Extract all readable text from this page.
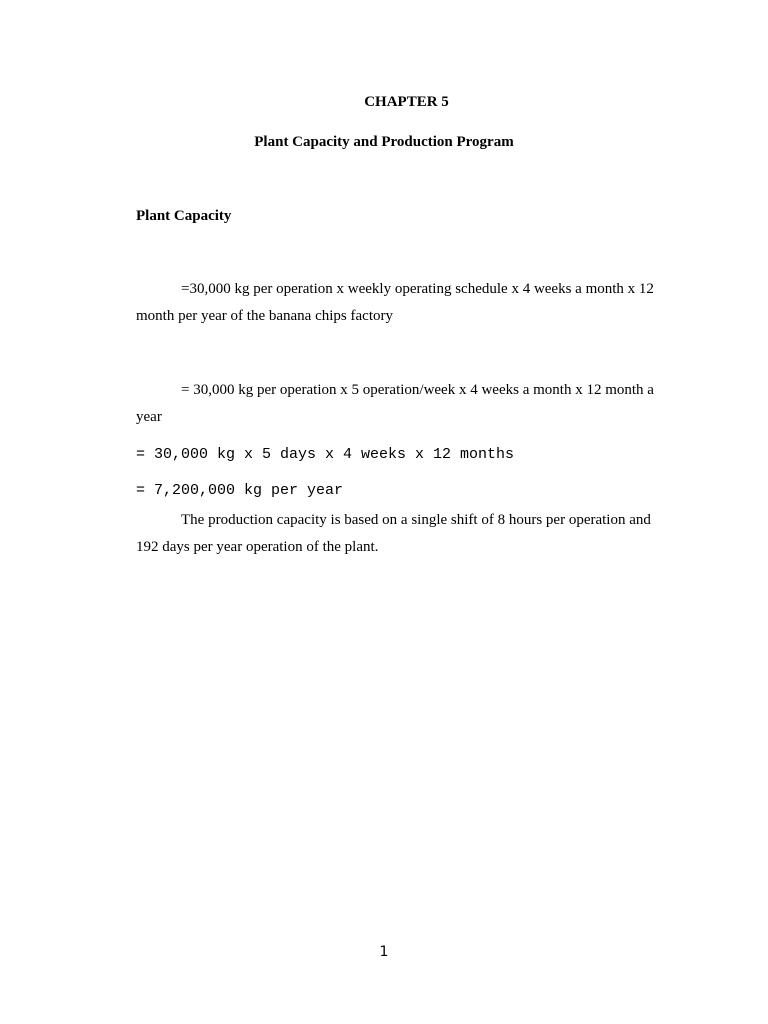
CHAPTER 5
Plant Capacity and Production Program
Plant Capacity

=30,000 kg per operation x weekly operating schedule x 4 weeks a month x 12 month per year of the banana chips factory

= 30,000 kg per operation x 5 operation/week x 4 weeks a month x 12 month a year

= 30,000 kg x 5 days x 4 weeks x 12 months
= 7,200,000 kg per year

The production capacity is based on a single shift of 8 hours per operation and 192 days per year operation of the plant.

1
